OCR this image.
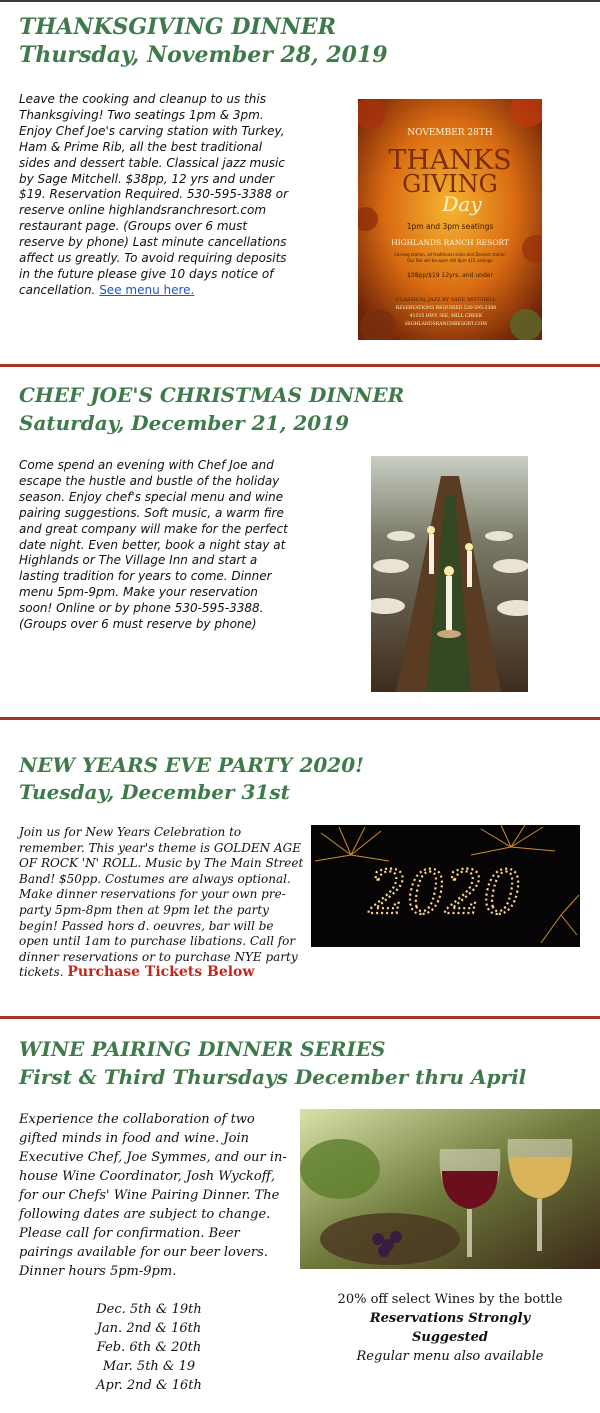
THANKSGIVING DINNER
Thursday, November 28, 2019
Leave the cooking and cleanup to us this Thanksgiving! Two seatings 1pm & 3pm. Enjoy Chef Joe's carving station with Turkey, Ham & Prime Rib, all the best traditional sides and dessert table. Classical jazz music by Sage Mitchell. $38pp, 12 yrs and under $19. Reservation Required. 530-595-3388 or reserve online highlandsranchresort.com restaurant page. (Groups over 6 must reserve by phone) Last minute cancellations affect us greatly. To avoid requiring deposits in the future please give 10 days notice of cancellation. See menu here.
NOVEMBER 28TH
THANKS
GIVING
Day
1pm and 3pm seatings
HIGHLANDS RANCH RESORT
Carving station, all traditional sides and Dessert station
Our Bar will be open still 8pm $15 corkage
$38pp/$19 12yrs. and under
CLASSICAL JAZZ BY SAGE MITCHELL
RESERVATIONS REQUIRED 530-595-3388
41515 HWY 36E, MILL CREEK
HIGHLANDSRANCHRESORT.COM
CHEF JOE'S CHRISTMAS DINNER
Saturday, December 21, 2019
Come spend an evening with Chef Joe and escape the hustle and bustle of the holiday season. Enjoy chef's special menu and wine pairing suggestions. Soft music, a warm fire and great company will make for the perfect date night. Even better, book a night stay at Highlands or The Village Inn and start a lasting tradition for years to come. Dinner menu 5pm-9pm. Make your reservation soon! Online or by phone 530-595-3388. (Groups over 6 must reserve by phone)
NEW YEARS EVE PARTY 2020!
Tuesday, December 31st
Join us for New Years Celebration to remember. This year's theme is GOLDEN AGE OF ROCK 'N' ROLL. Music by The Main Street Band! $50pp. Costumes are always optional. Make dinner reservations for your own pre-party 5pm-8pm then at 9pm let the party begin! Passed hors d. oeuvres, bar will be open until 1am to purchase libations. Call for dinner reservations or to purchase NYE party tickets. Purchase Tickets Below
2020
WINE PAIRING DINNER SERIES
First & Third Thursdays December thru April
Experience the collaboration of two gifted minds in food and wine. Join Executive Chef, Joe Symmes, and our in-house Wine Coordinator, Josh Wyckoff, for our Chefs' Wine Pairing Dinner. The following dates are subject to change. Please call for confirmation. Beer pairings available for our beer lovers. Dinner hours 5pm-9pm.
Dec. 5th & 19th
Jan. 2nd & 16th
Feb. 6th & 20th
Mar. 5th & 19
Apr. 2nd & 16th
20% off select Wines by the bottle
Reservations Strongly Suggested
Regular menu also available
